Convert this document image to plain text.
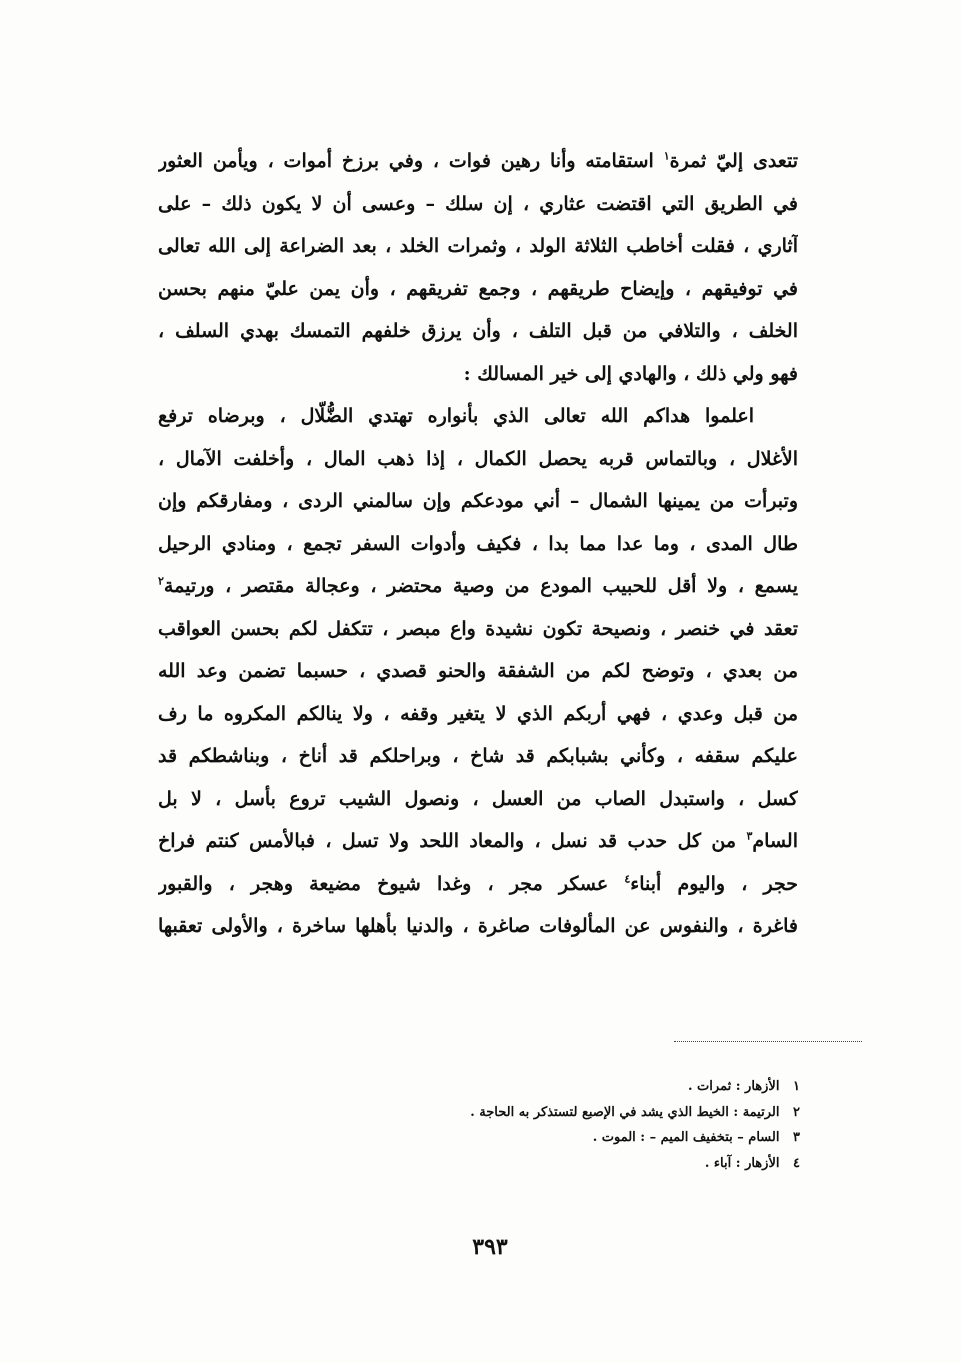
تتعدى إليّ ثمرة$^١$ استقامته وأنا رهين فوات ، وفي برزخ أموات ، ويأمن العثور
في الطريق التي اقتضت عثاري ، إن سلك – وعسى أن لا يكون ذلك – على
آثاري ، فقلت أخاطب الثلاثة الولد ، وثمرات الخلد ، بعد الضراعة إلى الله تعالى
في توفيقهم ، وإيضاح طريقهم ، وجمع تفريقهم ، وأن يمن عليّ منهم بحسن
الخلف ، والتلافي من قبل التلف ، وأن يرزق خلفهم التمسك بهدي السلف ،
فهو ولي ذلك ، والهادي إلى خير المسالك :
اعلموا هداكم الله تعالى الذي بأنواره تهتدي الضُّلّال ، وبرضاه ترفع
الأغلال ، وبالتماس قربه يحصل الكمال ، إذا ذهب المال ، وأخلفت الآمال ،
وتبرأت من يمينها الشمال – أني مودعكم وإن سالمني الردى ، ومفارقكم وإن
طال المدى ، وما عدا مما بدا ، فكيف وأدوات السفر تجمع ، ومنادي الرحيل
يسمع ، ولا أقل للحبيب المودع من وصية محتضر ، وعجالة مقتصر ، ورتيمة$^٢$
تعقد في خنصر ، ونصيحة تكون نشيدة واع مبصر ، تتكفل لكم بحسن العواقب
من بعدي ، وتوضح لكم من الشفقة والحنو قصدي ، حسبما تضمن وعد الله
من قبل وعدي ، فهي أربكم الذي لا يتغير وقفه ، ولا ينالكم المكروه ما رف
عليكم سقفه ، وكأني بشبابكم قد شاخ ، وبراحلكم قد أناخ ، وبناشطكم قد
كسل ، واستبدل الصاب من العسل ، ونصول الشيب تروع بأسل ، لا بل
السام$^٣$ من كل حدب قد نسل ، والمعاد اللحد ولا تسل ، فبالأمس كنتم فراخ
حجر ، واليوم أبناء$^٤$ عسكر مجر ، وغدا شيوخ مضيعة وهجر ، والقبور
فاغرة ، والنفوس عن المألوفات صاغرة ، والدنيا بأهلها ساخرة ، والأولى تعقبها
١ الأزهار : ثمرات .
٢ الرتيمة : الخيط الذي يشد في الإصبع لتستذكر به الحاجة .
٣ السام – بتخفيف الميم – : الموت .
٤ الأزهار : آباء .
٣٩٣
